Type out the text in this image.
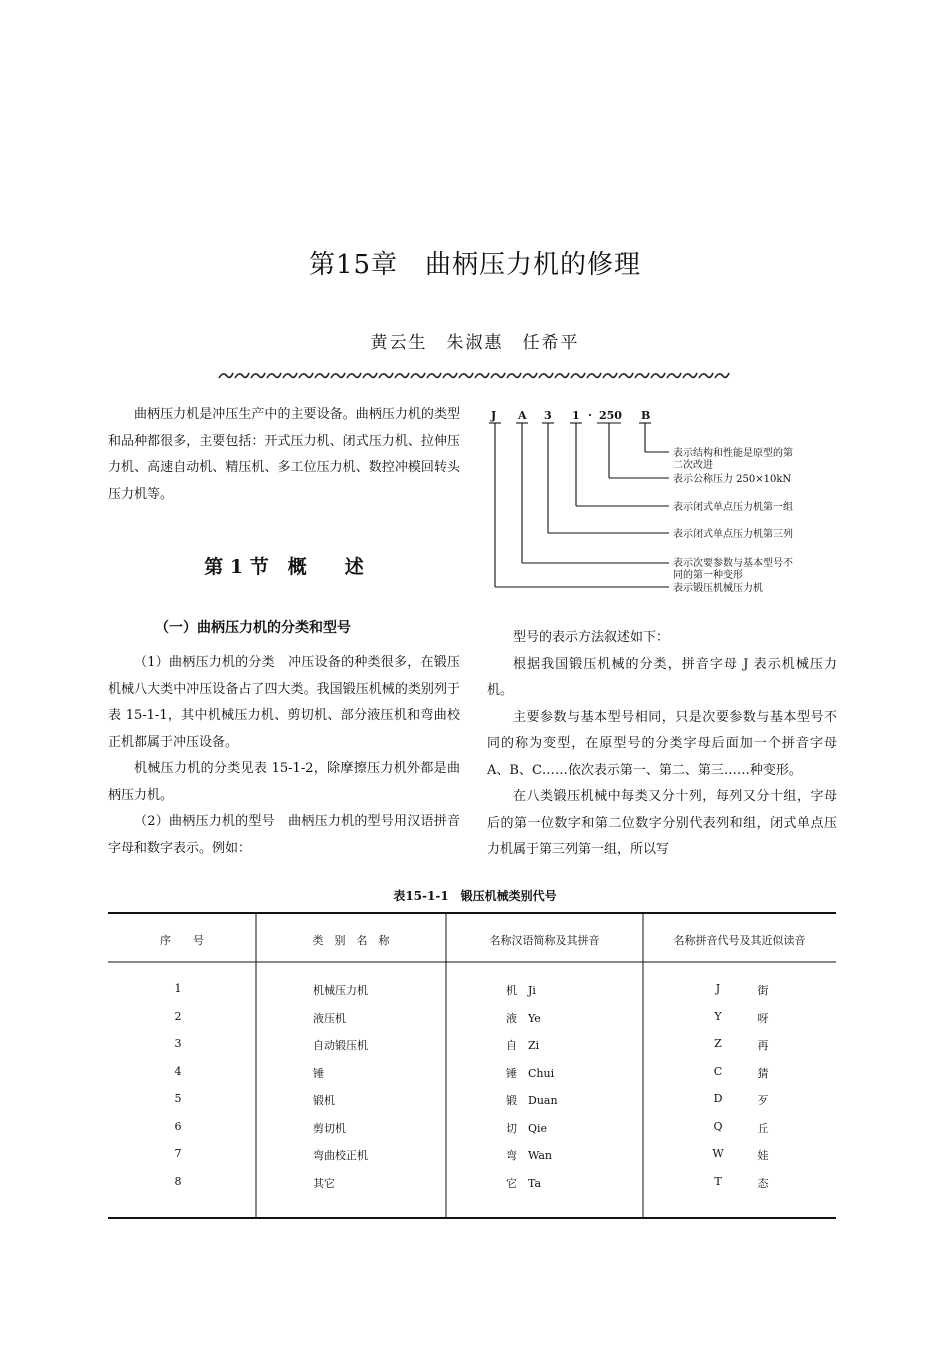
第15章　曲柄压力机的修理
黄云生　朱淑惠　任希平

曲柄压力机是冲压生产中的主要设备。曲柄压力机的类型和品种都很多，主要包括：开式压力机、闭式压力机、拉伸压力机、高速自动机、精压机、多工位压力机、数控冲模回转头压力机等。

第 1 节　概　　述
（一）曲柄压力机的分类和型号

（1）曲柄压力机的分类　冲压设备的种类很多，在锻压机械八大类中冲压设备占了四大类。我国锻压机械的类别列于表 15-1-1，其中机械压力机、剪切机、部分液压机和弯曲校正机都属于冲压设备。

机械压力机的分类见表 15-1-2，除摩擦压力机外都是曲柄压力机。

（2）曲柄压力机的型号　曲柄压力机的型号用汉语拼音字母和数字表示。例如：

J A 3 1 · 250 B
表示结构和性能是原型的第
二次改进
表示公称压力 250×10kN
表示闭式单点压力机第一组
表示闭式单点压力机第三列
表示次要参数与基本型号不
同的第一种变形
表示锻压机械压力机

型号的表示方法叙述如下：

根据我国锻压机械的分类，拼音字母 J 表示机械压力机。

主要参数与基本型号相同，只是次要参数与基本型号不同的称为变型，在原型号的分类字母后面加一个拼音字母 A、B、C……依次表示第一、第二、第三……种变形。

在八类锻压机械中每类又分十列，每列又分十组，字母后的第一位数字和第二位数字分别代表列和组，闭式单点压力机属于第三列第一组，所以写

表15-1-1　锻压机械类别代号
序　　号	类　别　名　称	名称汉语简称及其拼音	名称拼音代号及其近似读音
1	机械压力机	机　Ji	J	街
2	液压机	液　Ye	Y	呀
3	自动锻压机	自　Zi	Z	再
4	锤	锤　Chui	C	猜
5	锻机	锻　Duan	D	歹
6	剪切机	切　Qie	Q	丘
7	弯曲校正机	弯　Wan	W	娃
8	其它	它　Ta	T	态
